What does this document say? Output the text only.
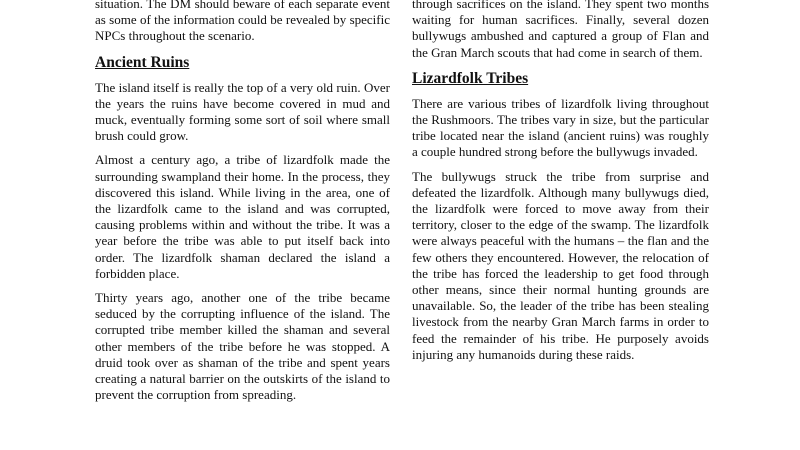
situation. The DM should beware of each separate event as some of the information could be revealed by specific NPCs throughout the scenario.

Ancient Ruins

The island itself is really the top of a very old ruin. Over the years the ruins have become covered in mud and muck, eventually forming some sort of soil where small brush could grow.

Almost a century ago, a tribe of lizardfolk made the surrounding swampland their home. In the process, they discovered this island. While living in the area, one of the lizardfolk came to the island and was corrupted, causing problems within and without the tribe. It was a year before the tribe was able to put itself back into order. The lizardfolk shaman declared the island a forbidden place.

Thirty years ago, another one of the tribe became seduced by the corrupting influence of the island. The corrupted tribe member killed the shaman and several other members of the tribe before he was stopped. A druid took over as shaman of the tribe and spent years creating a natural barrier on the outskirts of the island to prevent the corruption from spreading.

through sacrifices on the island. They spent two months waiting for human sacrifices. Finally, several dozen bullywugs ambushed and captured a group of Flan and the Gran March scouts that had come in search of them.

Lizardfolk Tribes

There are various tribes of lizardfolk living throughout the Rushmoors. The tribes vary in size, but the particular tribe located near the island (ancient ruins) was roughly a couple hundred strong before the bullywugs invaded.

The bullywugs struck the tribe from surprise and defeated the lizardfolk. Although many bullywugs died, the lizardfolk were forced to move away from their territory, closer to the edge of the swamp. The lizardfolk were always peaceful with the humans – the flan and the few others they encountered. However, the relocation of the tribe has forced the leadership to get food through other means, since their normal hunting grounds are unavailable. So, the leader of the tribe has been stealing livestock from the nearby Gran March farms in order to feed the remainder of his tribe. He purposely avoids injuring any humanoids during these raids.
